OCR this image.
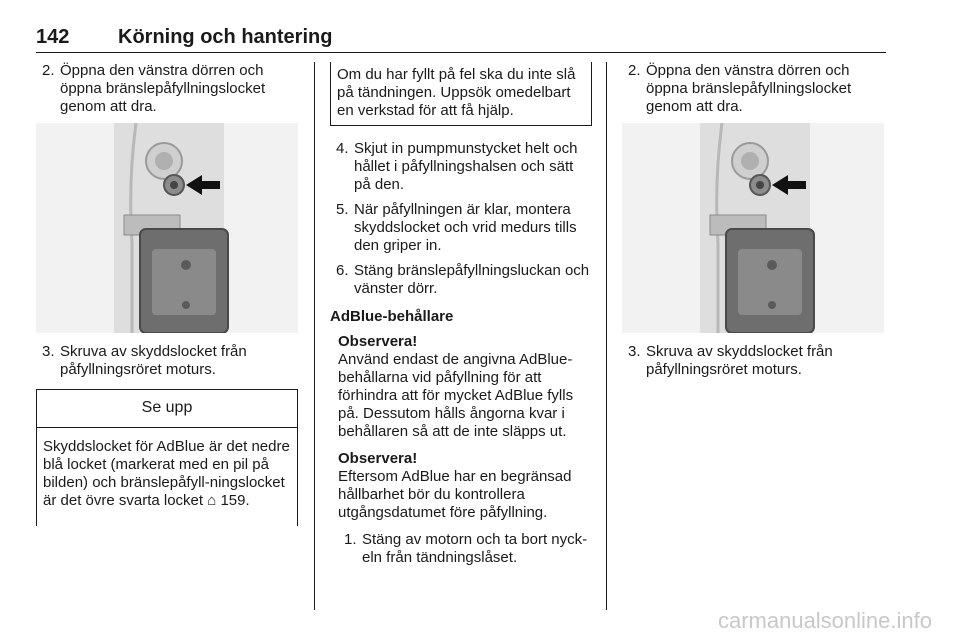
142 Körning och hantering
2. Öppna den vänstra dörren och öppna bränslepåfyllningslocket genom att dra.
3. Skruva av skyddslocket från påfyllningsröret moturs.
Se upp
Skyddslocket för AdBlue är det nedre blå locket (markerat med en pil på bilden) och bränslepåfyll-ningslocket är det övre svarta locket ⌂ 159.
Om du har fyllt på fel ska du inte slå på tändningen. Uppsök omedelbart en verkstad för att få hjälp.
4. Skjut in pumpmunstycket helt och hållet i påfyllningshalsen och sätt på den.
5. När påfyllningen är klar, montera skyddslocket och vrid medurs tills den griper in.
6. Stäng bränslepåfyllningsluckan och vänster dörr.
AdBlue-behållare
Observera!
Använd endast de angivna AdBlue-behållarna vid påfyllning för att förhindra att för mycket AdBlue fylls på. Dessutom hålls ångorna kvar i behållaren så att de inte släpps ut.
Observera!
Eftersom AdBlue har en begränsad hållbarhet bör du kontrollera utgångsdatumet före påfyllning.
1. Stäng av motorn och ta bort nyck-eln från tändningslåset.
2. Öppna den vänstra dörren och öppna bränslepåfyllningslocket genom att dra.
3. Skruva av skyddslocket från påfyllningsröret moturs.
carmanualsonline.info
